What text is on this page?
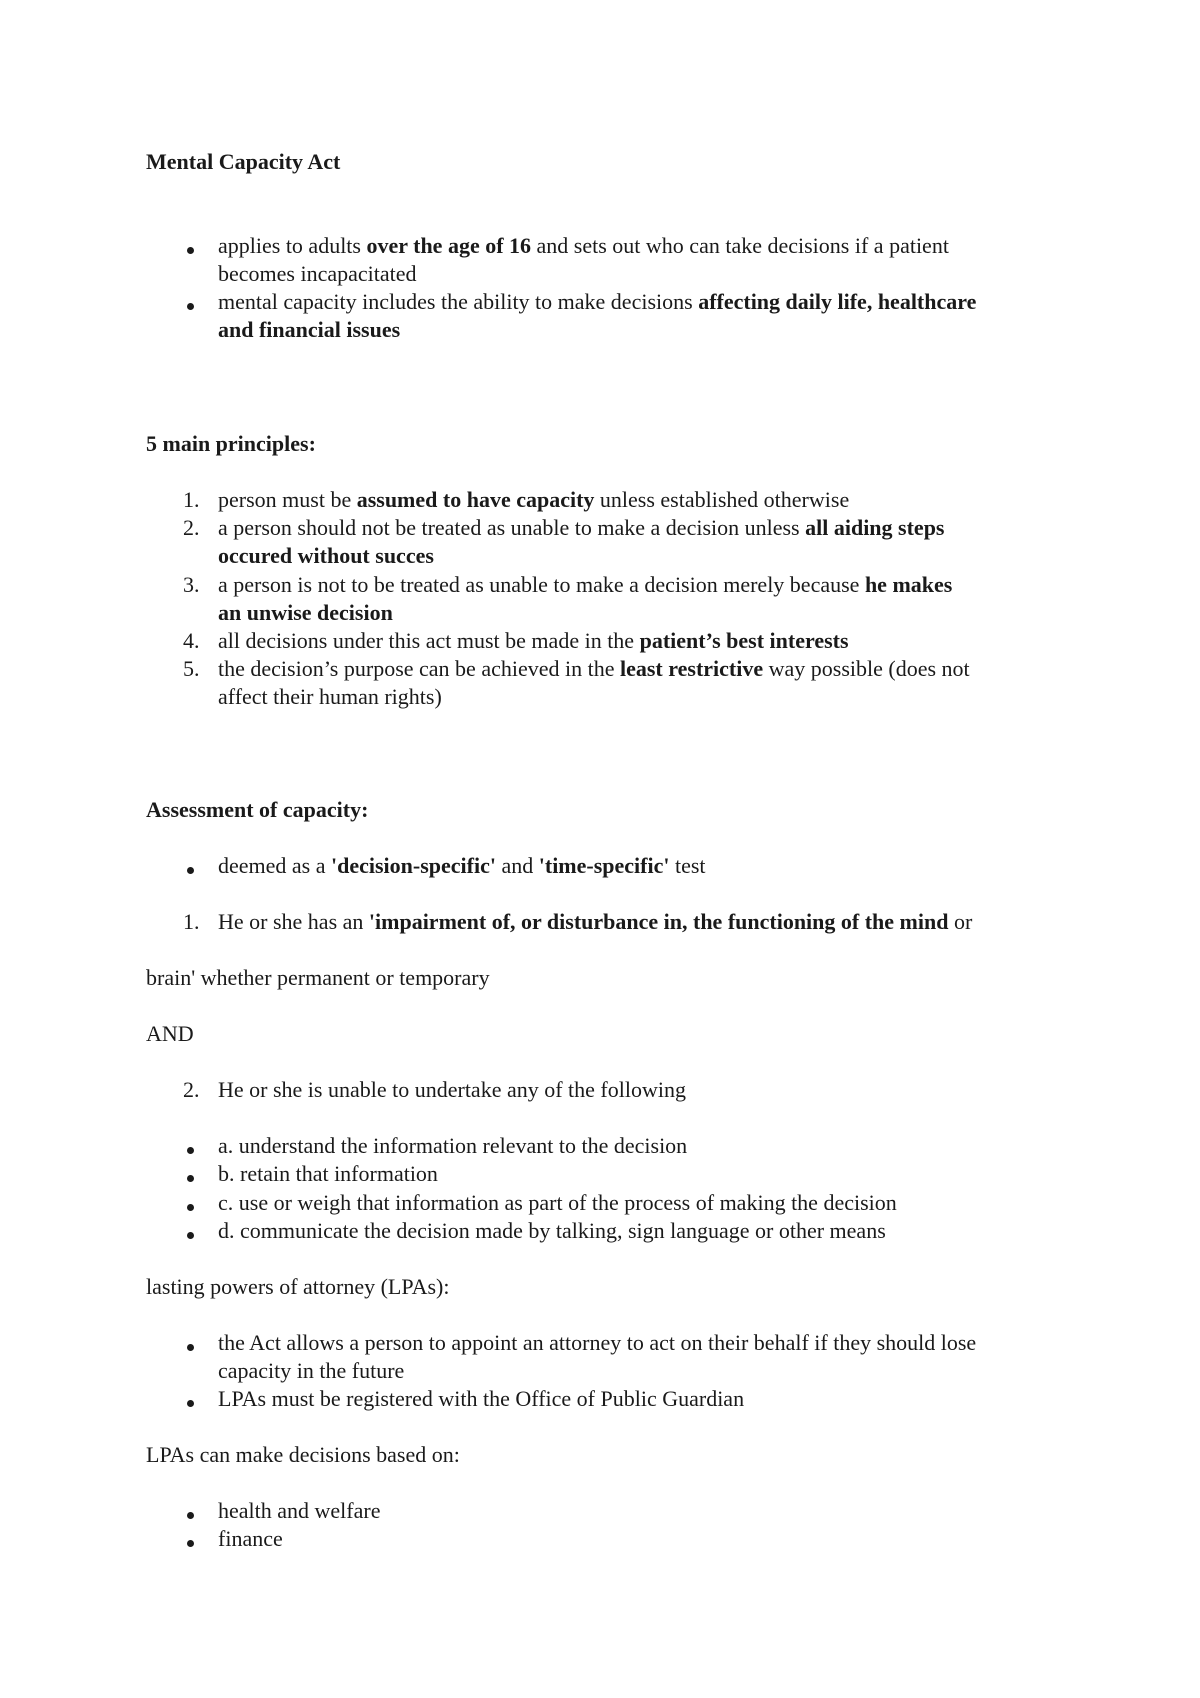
Mental Capacity Act
applies to adults over the age of 16 and sets out who can take decisions if a patient
becomes incapacitated
mental capacity includes the ability to make decisions affecting daily life, healthcare
and financial issues
5 main principles:
1. person must be assumed to have capacity unless established otherwise
2. a person should not be treated as unable to make a decision unless all aiding steps
occured without succes
3. a person is not to be treated as unable to make a decision merely because he makes
an unwise decision
4. all decisions under this act must be made in the patient’s best interests
5. the decision’s purpose can be achieved in the least restrictive way possible (does not
affect their human rights)
Assessment of capacity:
deemed as a 'decision-specific' and 'time-specific' test
1. He or she has an 'impairment of, or disturbance in, the functioning of the mind or
brain' whether permanent or temporary
AND
2. He or she is unable to undertake any of the following
a. understand the information relevant to the decision
b. retain that information
c. use or weigh that information as part of the process of making the decision
d. communicate the decision made by talking, sign language or other means
lasting powers of attorney (LPAs):
the Act allows a person to appoint an attorney to act on their behalf if they should lose
capacity in the future
LPAs must be registered with the Office of Public Guardian
LPAs can make decisions based on:
health and welfare
finance
